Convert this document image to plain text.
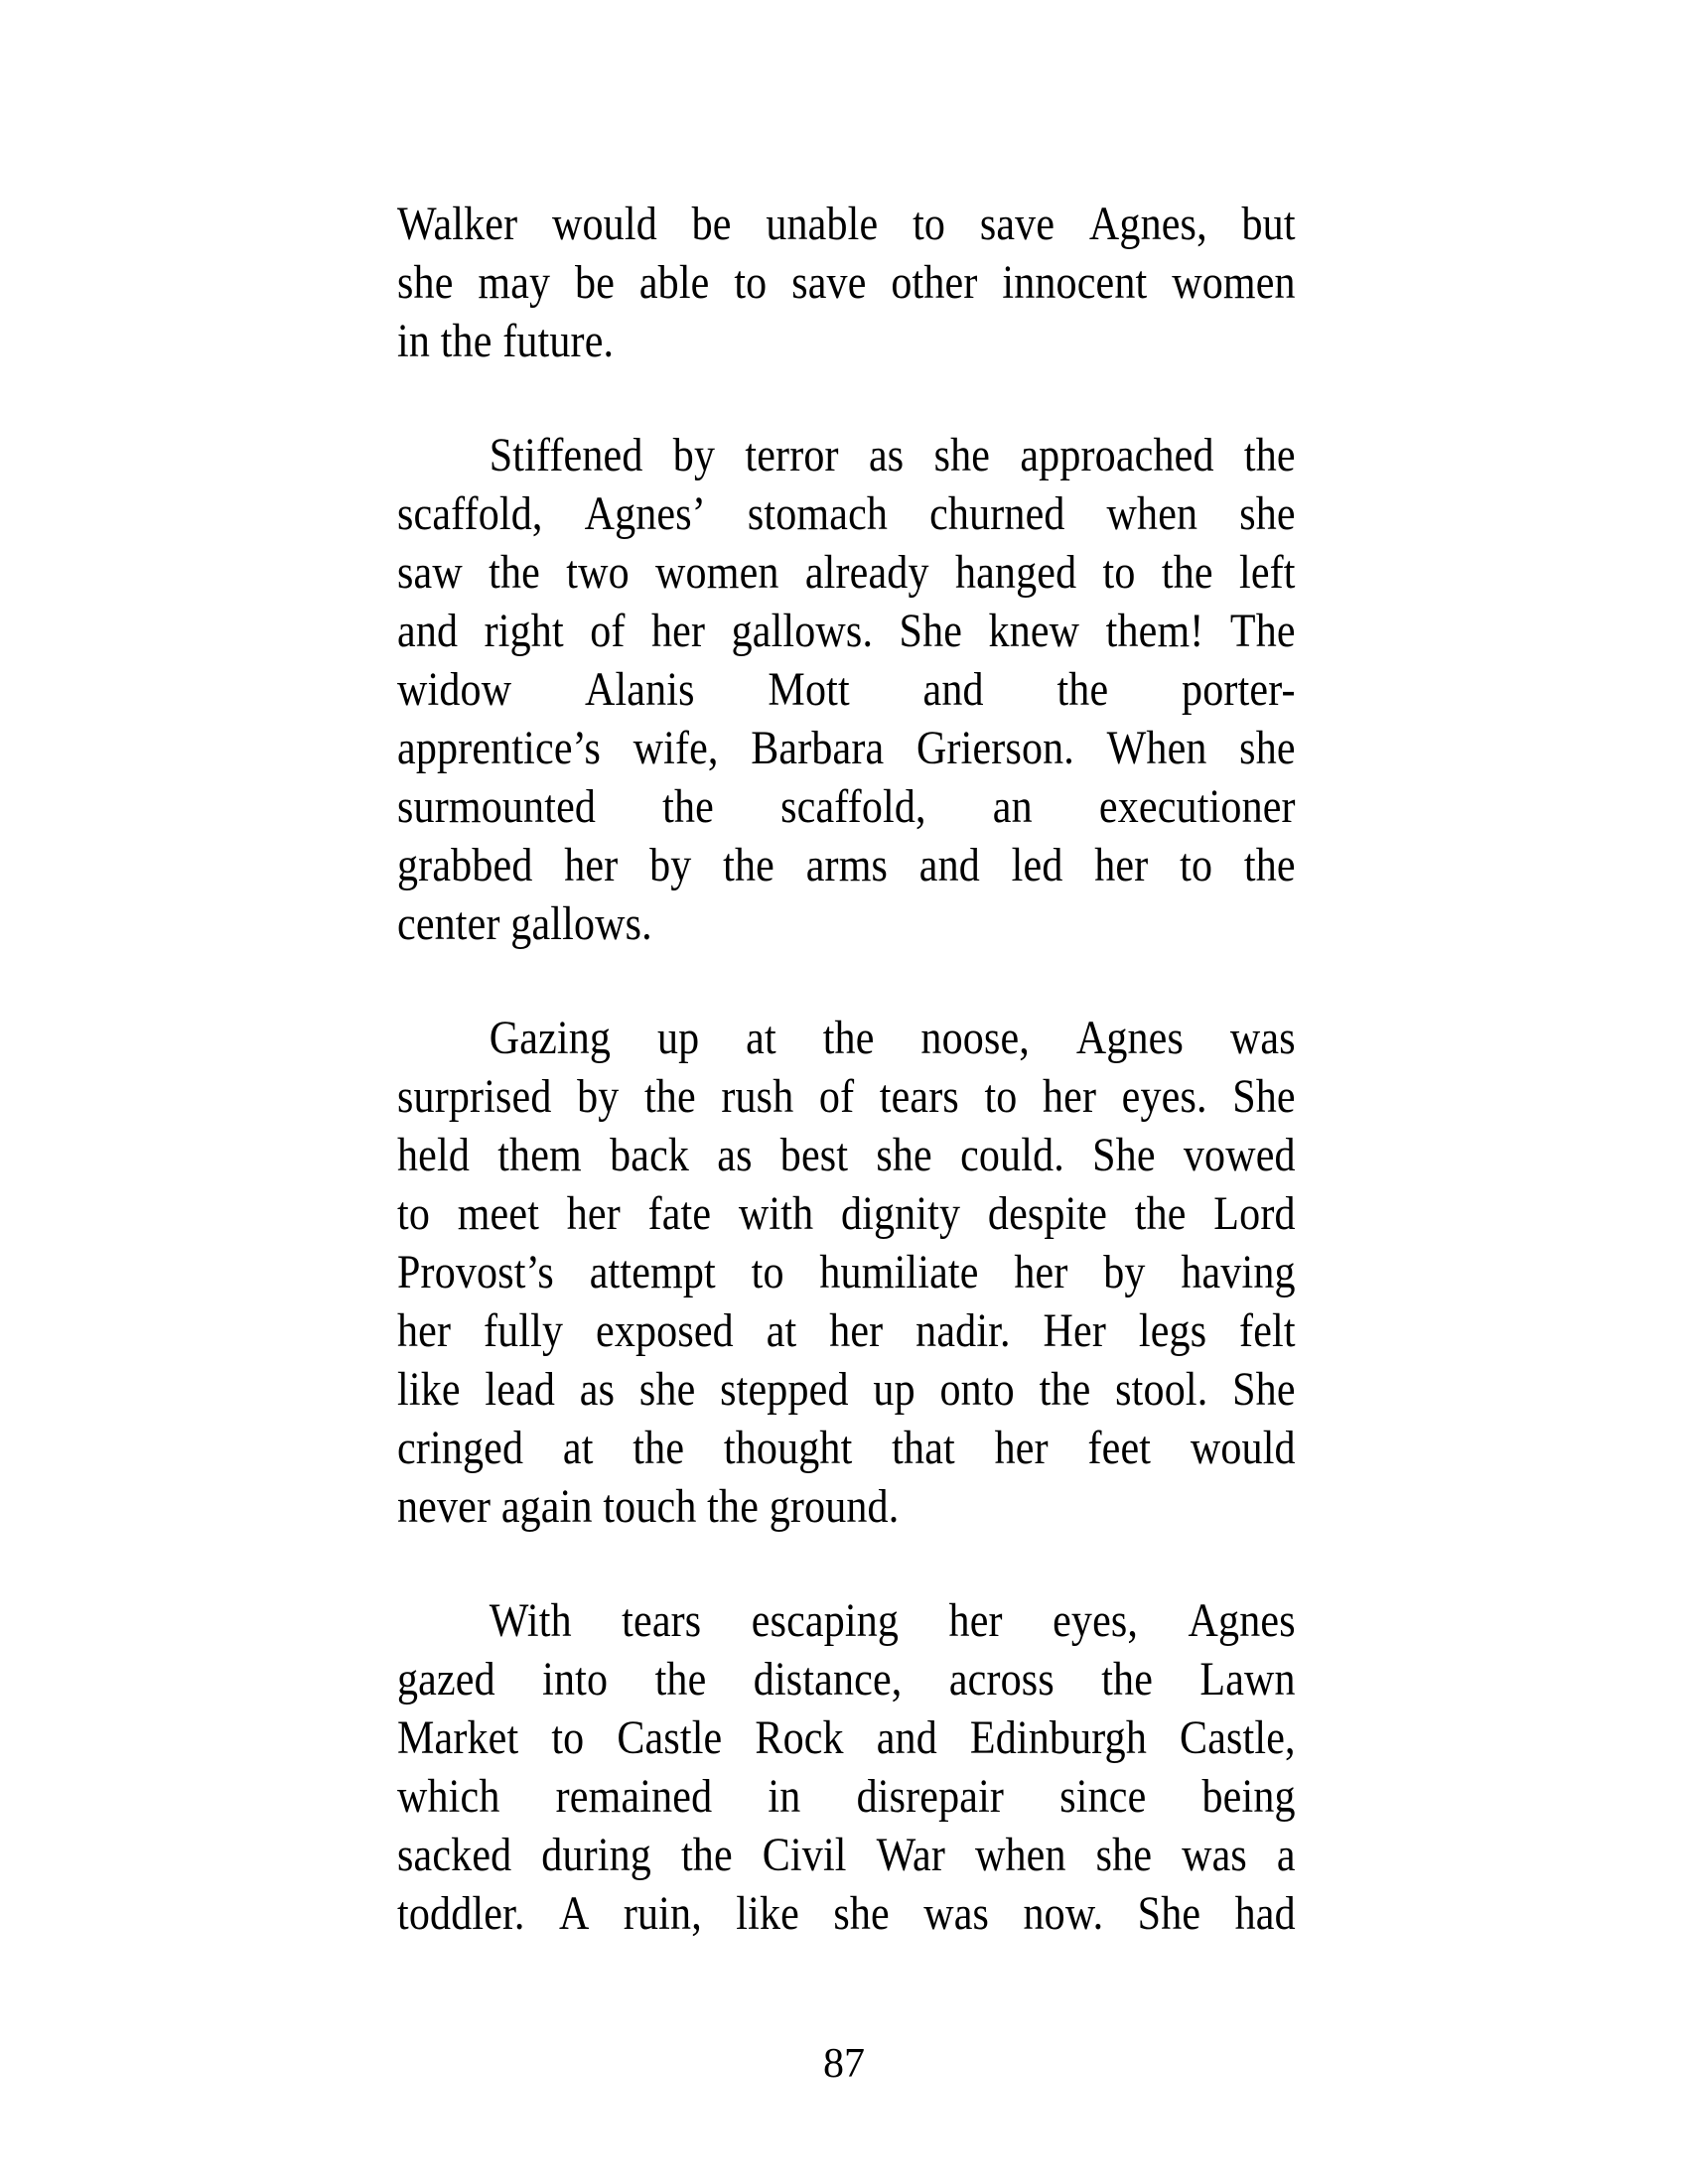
Walker would be unable to save Agnes, but
she may be able to save other innocent women
in the future.
Stiffened by terror as she approached the
scaffold, Agnes’ stomach churned when she
saw the two women already hanged to the left
and right of her gallows. She knew them! The
widow Alanis Mott and the porter-
apprentice’s wife, Barbara Grierson. When she
surmounted the scaffold, an executioner
grabbed her by the arms and led her to the
center gallows.
Gazing up at the noose, Agnes was
surprised by the rush of tears to her eyes. She
held them back as best she could. She vowed
to meet her fate with dignity despite the Lord
Provost’s attempt to humiliate her by having
her fully exposed at her nadir. Her legs felt
like lead as she stepped up onto the stool. She
cringed at the thought that her feet would
never again touch the ground.
With tears escaping her eyes, Agnes
gazed into the distance, across the Lawn
Market to Castle Rock and Edinburgh Castle,
which remained in disrepair since being
sacked during the Civil War when she was a
toddler. A ruin, like she was now. She had
87
